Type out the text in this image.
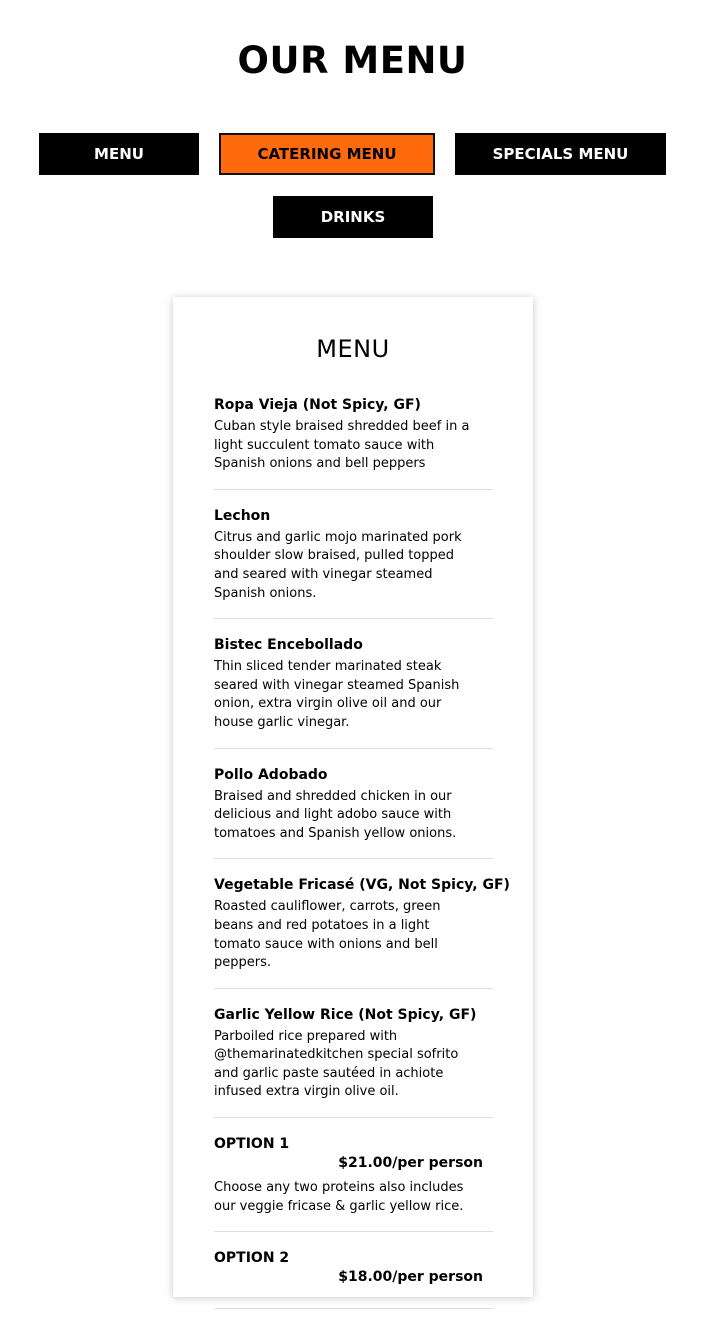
OUR MENU
MENU	CATERING MENU	SPECIALS MENU
DRINKS
MENU
Ropa Vieja (Not Spicy, GF)
Cuban style braised shredded beef in a light succulent tomato sauce with Spanish onions and bell peppers
Lechon
Citrus and garlic mojo marinated pork shoulder slow braised, pulled topped and seared with vinegar steamed Spanish onions.
Bistec Encebollado
Thin sliced tender marinated steak seared with vinegar steamed Spanish onion, extra virgin olive oil and our house garlic vinegar.
Pollo Adobado
Braised and shredded chicken in our delicious and light adobo sauce with tomatoes and Spanish yellow onions.
Vegetable Fricasé (VG, Not Spicy, GF)
Roasted cauliflower, carrots, green beans and red potatoes in a light tomato sauce with onions and bell peppers.
Garlic Yellow Rice (Not Spicy, GF)
Parboiled rice prepared with @themarinatedkitchen special sofrito and garlic paste sautéed in achiote infused extra virgin olive oil.
OPTION 1
$21.00/per person
Choose any two proteins also includes our veggie fricase & garlic yellow rice.
OPTION 2
$18.00/per person
